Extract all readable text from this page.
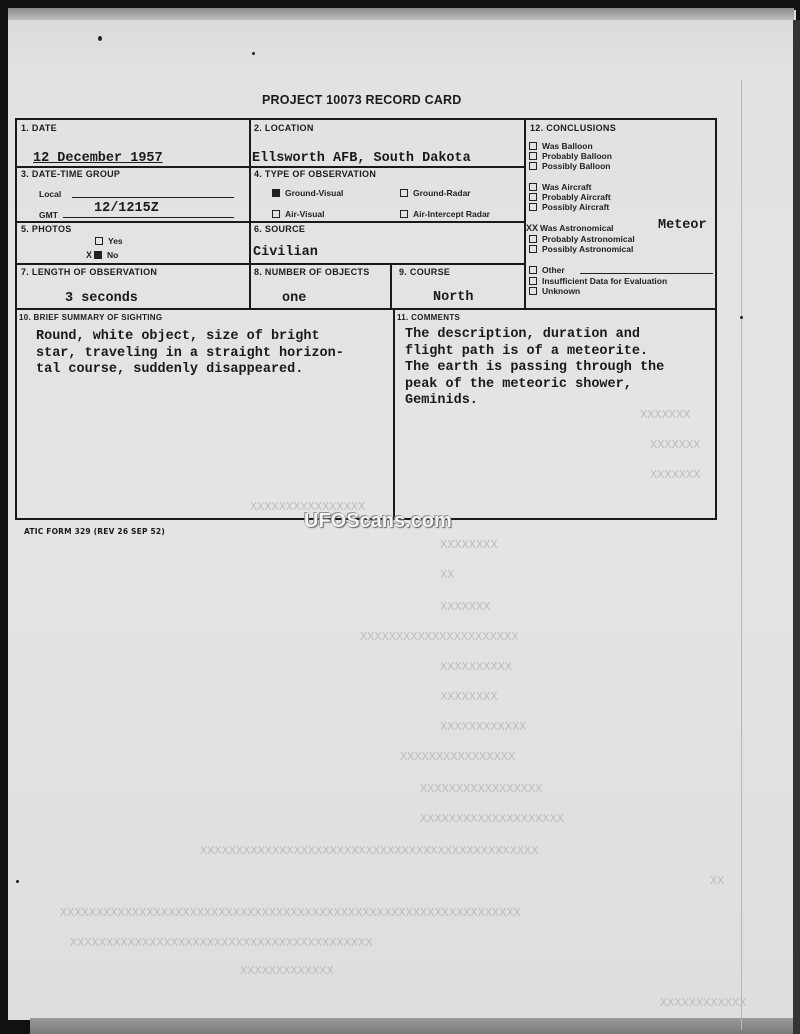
XXXXXXX
XXXXXXX
XXXXXXX
XXXXXXXXXXXXXXXX
XXXXXXXX
XX
XXXXXXX
XXXXXXXXXXXXXXXXXXXXXX
XXXXXXXXXX
XXXXXXXX
XXXXXXXXXXXX
XXXXXXXXXXXXXXXX
XXXXXXXXXXXXXXXXX
XXXXXXXXXXXXXXXXXXXX
XXXXXXXXXXXXXXXXXXXXXXXXXXXXXXXXXXXXXXXXXXXXXXX
XX
XXXXXXXXXXXXXXXXXXXXXXXXXXXXXXXXXXXXXXXXXXXXXXXXXXXXXXXXXXXXXXXX
XXXXXXXXXXXXXXXXXXXXXXXXXXXXXXXXXXXXXXXXXX
XXXXXXXXXXXXX
XXXXXXXXXXXX
PROJECT 10073 RECORD CARD
1. DATE
12 December 1957
2. LOCATION
Ellsworth AFB, South Dakota
3. DATE-TIME GROUP
Local
GMT	12/1215Z
4. TYPE OF OBSERVATION
Ground-Visual	Ground-Radar
Air-Visual	Air-Intercept Radar
5. PHOTOS
Yes
X No
6. SOURCE
Civilian
7. LENGTH OF OBSERVATION
3 seconds
8. NUMBER OF OBJECTS
one
9. COURSE
North
10. BRIEF SUMMARY OF SIGHTING
Round, white object, size of bright
star, traveling in a straight horizon-
tal course, suddenly disappeared.
11. COMMENTS
The description, duration and
flight path is of a meteorite.
The earth is passing through the
peak of the meteoric shower,
Geminids.
12. CONCLUSIONS
Was Balloon
Probably Balloon
Possibly Balloon
Was Aircraft
Probably Aircraft
Possibly Aircraft
XX Was Astronomical	Meteor
Probably Astronomical
Possibly Astronomical
Other
Insufficient Data for Evaluation
Unknown
ATIC FORM 329 (REV 26 SEP 52)	UFOScans.com
